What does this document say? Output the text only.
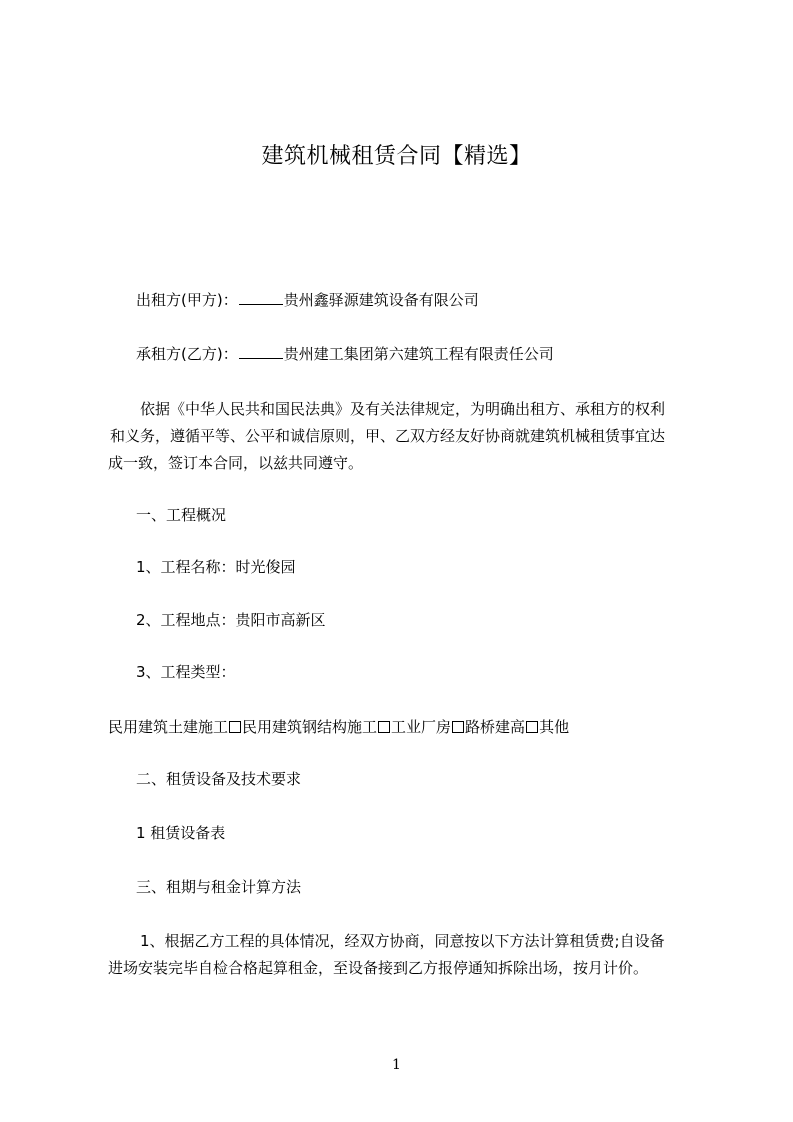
建筑机械租赁合同【精选】
出租方(甲方)：	贵州鑫驿源建筑设备有限公司
承租方(乙方)：	贵州建工集团第六建筑工程有限责任公司
依据《中华人民共和国民法典》及有关法律规定，为明确出租方、承租方的权利
和义务，遵循平等、公平和诚信原则，甲、乙双方经友好协商就建筑机械租赁事宜达
成一致，签订本合同，以兹共同遵守。
一、工程概况
1、工程名称：时光俊园
2、工程地点：贵阳市高新区
3、工程类型：
民用建筑土建施工 民用建筑钢结构施工 工业厂房 路桥建高 其他
二、租赁设备及技术要求
1 租赁设备表
三、租期与租金计算方法
1、根据乙方工程的具体情况，经双方协商，同意按以下方法计算租赁费;自设备
进场安装完毕自检合格起算租金，至设备接到乙方报停通知拆除出场，按月计价。
1
